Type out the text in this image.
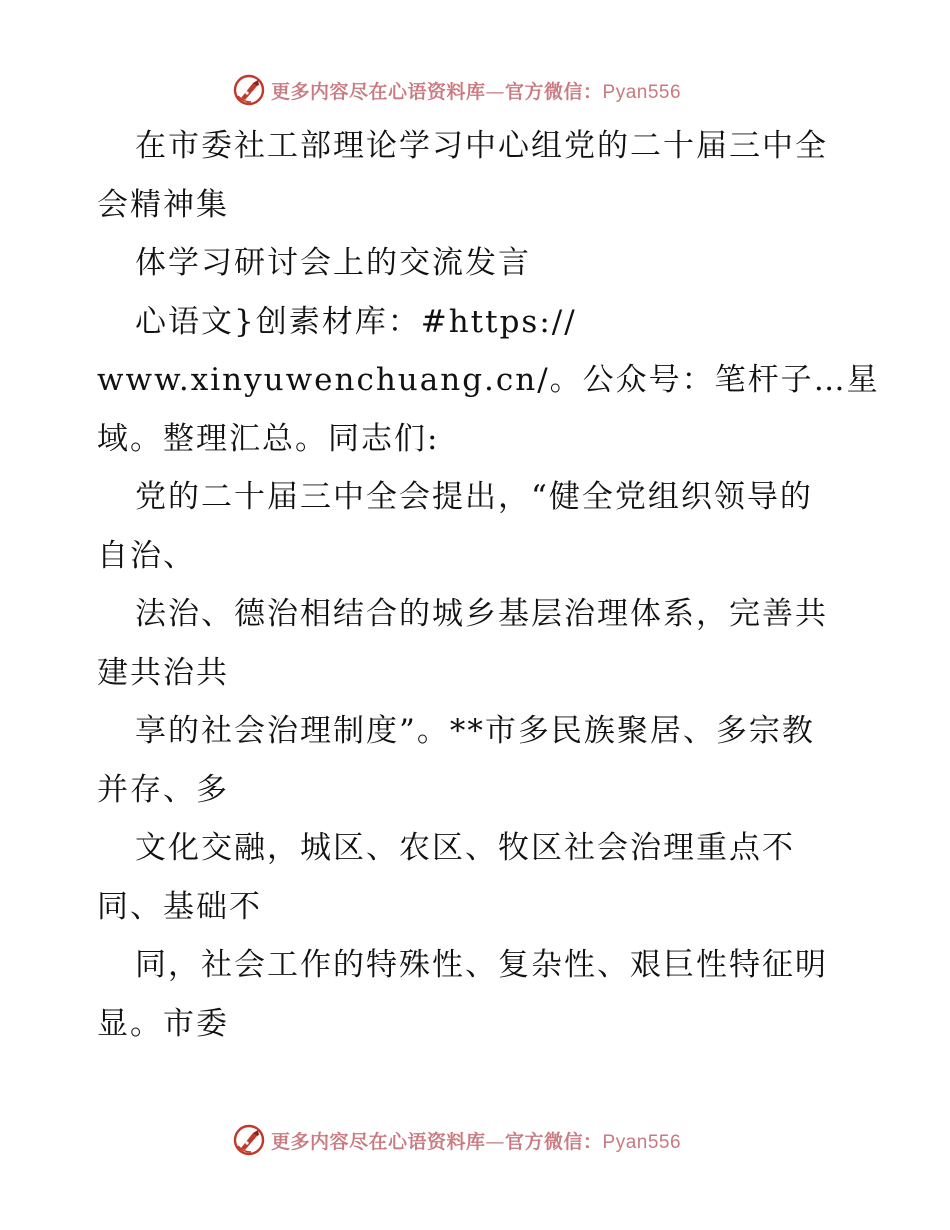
更多内容尽在心语资料库—官方微信：Pyan556
在市委社工部理论学习中心组党的二十届三中全
会精神集
体学习研讨会上的交流发言
心语文}创素材库：#https://
www.xinyuwenchuang.cn/。公众号：笔杆子…星
域。整理汇总。同志们:
党的二十届三中全会提出，“健全党组织领导的
自治、
法治、德治相结合的城乡基层治理体系，完善共
建共治共
享的社会治理制度”。**市多民族聚居、多宗教
并存、多
文化交融，城区、农区、牧区社会治理重点不
同、基础不
同，社会工作的特殊性、复杂性、艰巨性特征明
显。市委
更多内容尽在心语资料库—官方微信：Pyan556
